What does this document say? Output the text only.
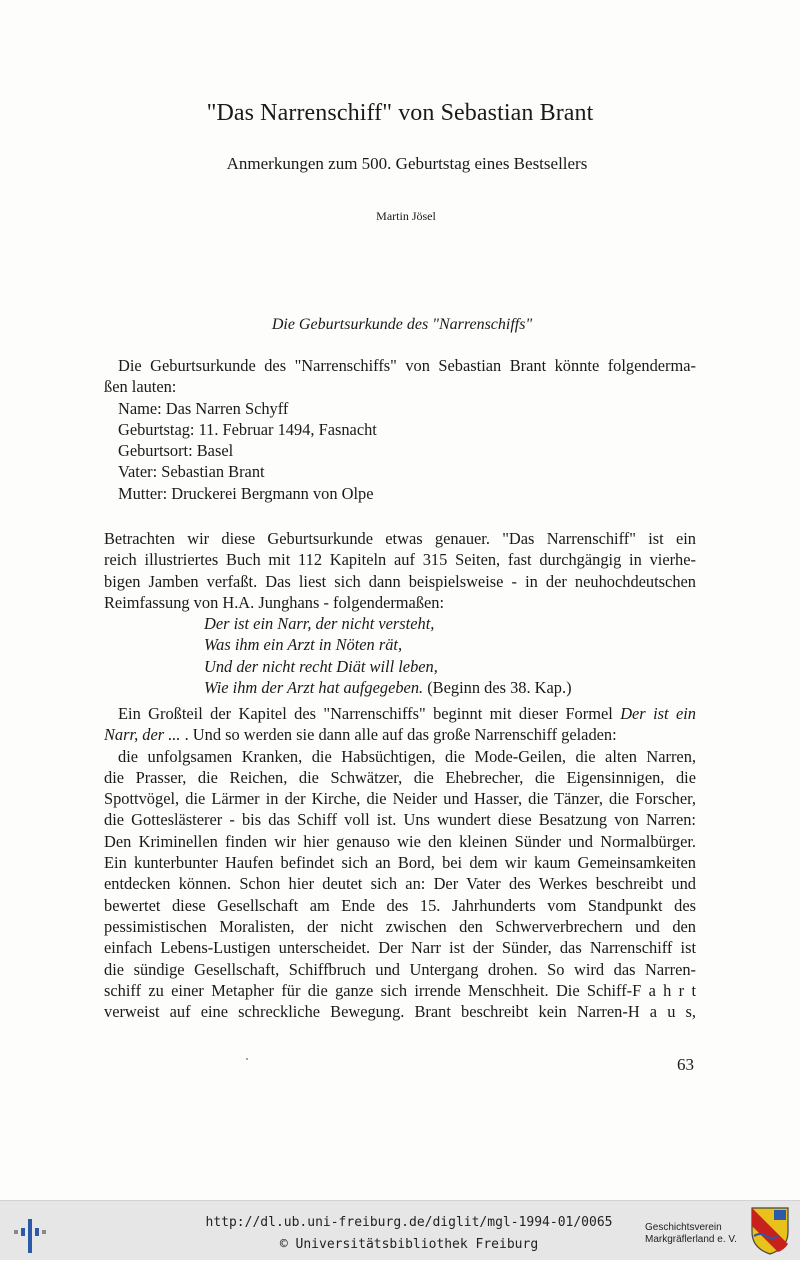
"Das Narrenschiff" von Sebastian Brant
Anmerkungen zum 500. Geburtstag eines Bestsellers
Martin Jösel
Die Geburtsurkunde des "Narrenschiffs"
Die Geburtsurkunde des "Narrenschiffs" von Sebastian Brant könnte folgenderma-
ßen lauten:
Name: Das Narren Schyff
Geburtstag: 11. Februar 1494, Fasnacht
Geburtsort: Basel
Vater: Sebastian Brant
Mutter: Druckerei Bergmann von Olpe
Betrachten wir diese Geburtsurkunde etwas genauer. "Das Narrenschiff" ist ein
reich illustriertes Buch mit 112 Kapiteln auf 315 Seiten, fast durchgängig in vierhe-
bigen Jamben verfaßt. Das liest sich dann beispielsweise - in der neuhochdeutschen
Reimfassung von H.A. Junghans - folgendermaßen:
Der ist ein Narr, der nicht versteht,
Was ihm ein Arzt in Nöten rät,
Und der nicht recht Diät will leben,
Wie ihm der Arzt hat aufgegeben. (Beginn des 38. Kap.)
Ein Großteil der Kapitel des "Narrenschiffs" beginnt mit dieser Formel Der ist ein
Narr, der ... . Und so werden sie dann alle auf das große Narrenschiff geladen:
die unfolgsamen Kranken, die Habsüchtigen, die Mode-Geilen, die alten Narren,
die Prasser, die Reichen, die Schwätzer, die Ehebrecher, die Eigensinnigen, die
Spottvögel, die Lärmer in der Kirche, die Neider und Hasser, die Tänzer, die Forscher,
die Gotteslästerer - bis das Schiff voll ist. Uns wundert diese Besatzung von Narren:
Den Kriminellen finden wir hier genauso wie den kleinen Sünder und Normalbürger.
Ein kunterbunter Haufen befindet sich an Bord, bei dem wir kaum Gemeinsamkeiten
entdecken können. Schon hier deutet sich an: Der Vater des Werkes beschreibt und
bewertet diese Gesellschaft am Ende des 15. Jahrhunderts vom Standpunkt des
pessimistischen Moralisten, der nicht zwischen den Schwerverbrechern und den
einfach Lebens-Lustigen unterscheidet. Der Narr ist der Sünder, das Narrenschiff ist
die sündige Gesellschaft, Schiffbruch und Untergang drohen. So wird das Narren-
schiff zu einer Metapher für die ganze sich irrende Menschheit. Die Schiff-F a h r t
verweist auf eine schreckliche Bewegung. Brant beschreibt kein Narren-H a u s,
63
http://dl.ub.uni-freiburg.de/diglit/mgl-1994-01/0065
© Universitätsbibliothek Freiburg
Geschichtsverein
Markgräflerland e. V.
